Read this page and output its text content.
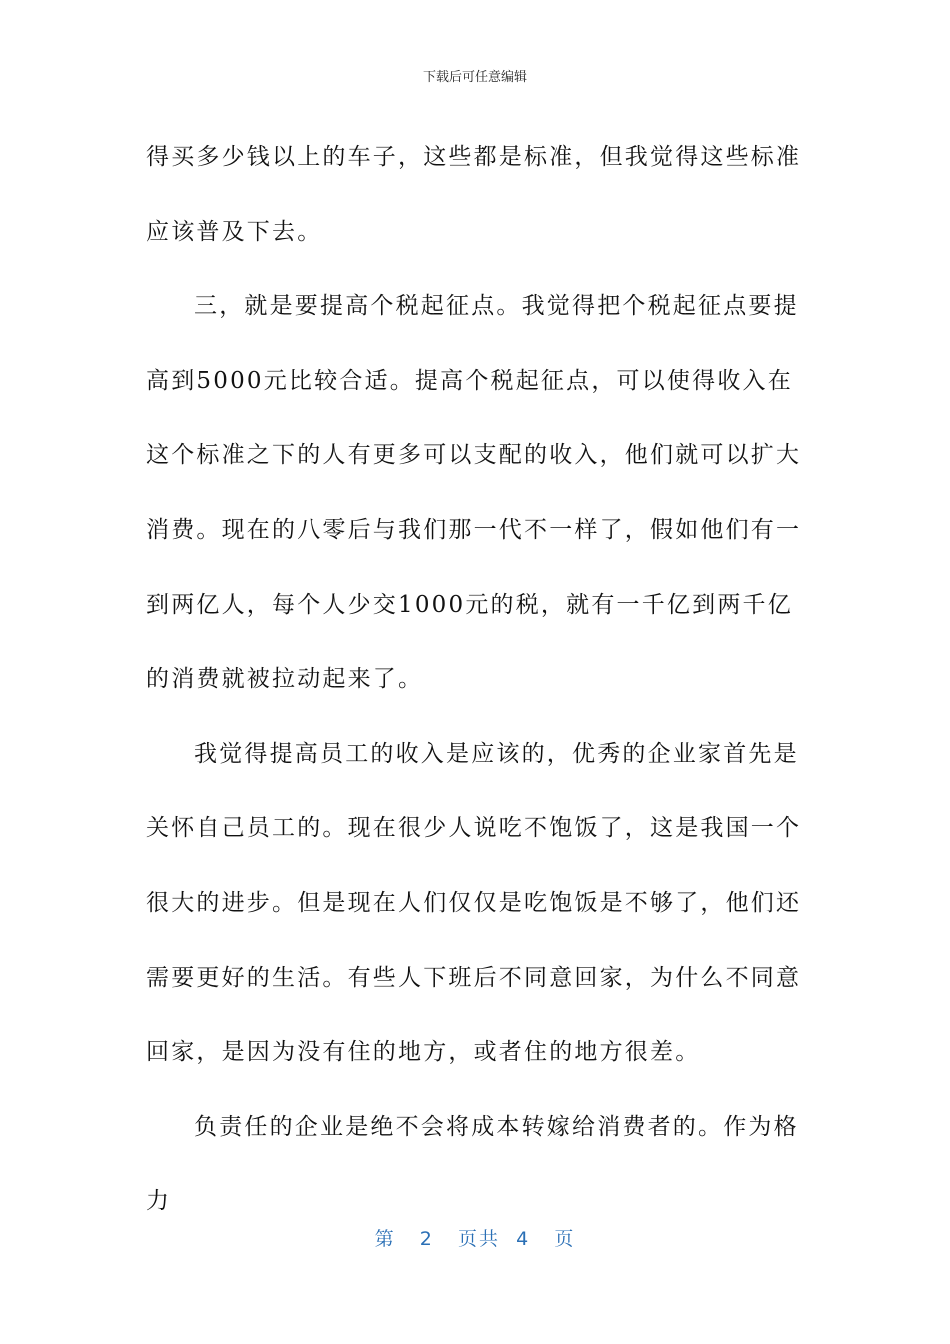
下载后可任意编辑

得买多少钱以上的车子，这些都是标准，但我觉得这些标准应该普及下去。

三，就是要提高个税起征点。我觉得把个税起征点要提高到5000元比较合适。提高个税起征点，可以使得收入在这个标准之下的人有更多可以支配的收入，他们就可以扩大消费。现在的八零后与我们那一代不一样了，假如他们有一到两亿人，每个人少交1000元的税，就有一千亿到两千亿的消费就被拉动起来了。

我觉得提高员工的收入是应该的，优秀的企业家首先是关怀自己员工的。现在很少人说吃不饱饭了，这是我国一个很大的进步。但是现在人们仅仅是吃饱饭是不够了，他们还需要更好的生活。有些人下班后不同意回家，为什么不同意回家，是因为没有住的地方，或者住的地方很差。

负责任的企业是绝不会将成本转嫁给消费者的。作为格力

第 2 页共 4 页
